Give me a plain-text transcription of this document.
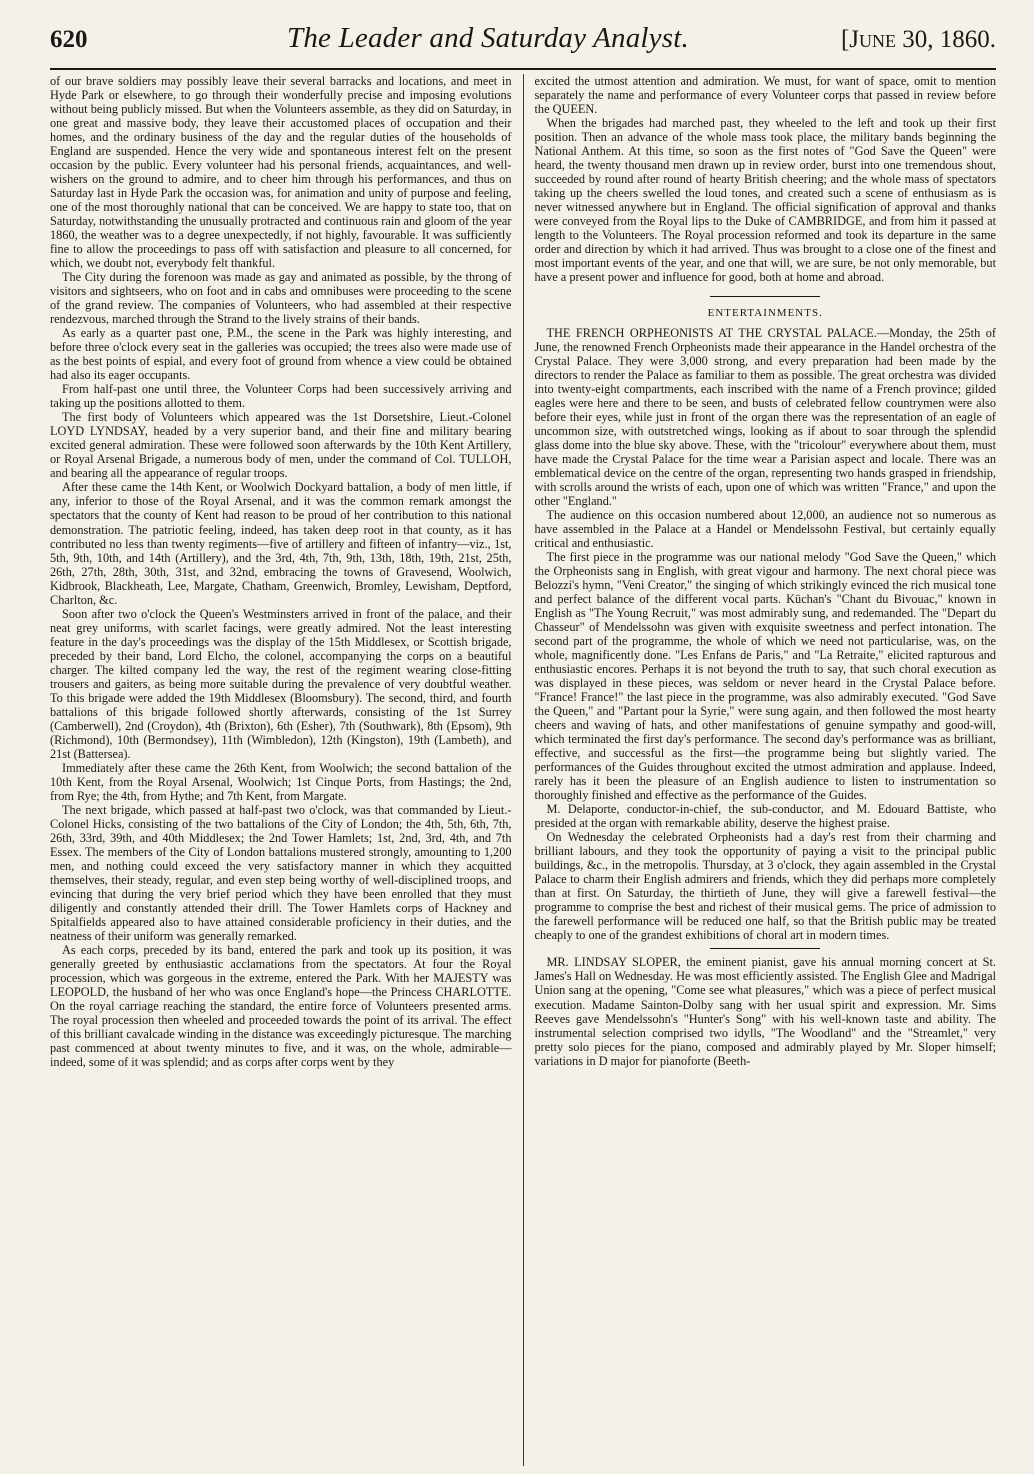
620	The Leader and Saturday Analyst.	[June 30, 1860.

of our brave soldiers may possibly leave their several barracks and locations, and meet in Hyde Park or elsewhere, to go through their wonderfully precise and imposing evolutions without being publicly missed. But when the Volunteers assemble, as they did on Saturday, in one great and massive body, they leave their accustomed places of occupation and their homes, and the ordinary business of the day and the regular duties of the households of England are suspended. Hence the very wide and spontaneous interest felt on the present occasion by the public. Every volunteer had his personal friends, acquaintances, and well-wishers on the ground to admire, and to cheer him through his performances, and thus on Saturday last in Hyde Park the occasion was, for animation and unity of purpose and feeling, one of the most thoroughly national that can be conceived. We are happy to state too, that on Saturday, notwithstanding the unusually protracted and continuous rain and gloom of the year 1860, the weather was to a degree unexpectedly, if not highly, favourable. It was sufficiently fine to allow the proceedings to pass off with satisfaction and pleasure to all concerned, for which, we doubt not, everybody felt thankful.

The City during the forenoon was made as gay and animated as possible, by the throng of visitors and sightseers, who on foot and in cabs and omnibuses were proceeding to the scene of the grand review. The companies of Volunteers, who had assembled at their respective rendezvous, marched through the Strand to the lively strains of their bands.

As early as a quarter past one, P.M., the scene in the Park was highly interesting, and before three o'clock every seat in the galleries was occupied; the trees also were made use of as the best points of espial, and every foot of ground from whence a view could be obtained had also its eager occupants.

From half-past one until three, the Volunteer Corps had been successively arriving and taking up the positions allotted to them.

The first body of Volunteers which appeared was the 1st Dorsetshire, Lieut.-Colonel LOYD LYNDSAY, headed by a very superior band, and their fine and military bearing excited general admiration. These were followed soon afterwards by the 10th Kent Artillery, or Royal Arsenal Brigade, a numerous body of men, under the command of Col. TULLOH, and bearing all the appearance of regular troops.

After these came the 14th Kent, or Woolwich Dockyard battalion, a body of men little, if any, inferior to those of the Royal Arsenal, and it was the common remark amongst the spectators that the county of Kent had reason to be proud of her contribution to this national demonstration. The patriotic feeling, indeed, has taken deep root in that county, as it has contributed no less than twenty regiments—five of artillery and fifteen of infantry—viz., 1st, 5th, 9th, 10th, and 14th (Artillery), and the 3rd, 4th, 7th, 9th, 13th, 18th, 19th, 21st, 25th, 26th, 27th, 28th, 30th, 31st, and 32nd, embracing the towns of Gravesend, Woolwich, Kidbrook, Blackheath, Lee, Margate, Chatham, Greenwich, Bromley, Lewisham, Deptford, Charlton, &c.

Soon after two o'clock the Queen's Westminsters arrived in front of the palace, and their neat grey uniforms, with scarlet facings, were greatly admired. Not the least interesting feature in the day's proceedings was the display of the 15th Middlesex, or Scottish brigade, preceded by their band, Lord Elcho, the colonel, accompanying the corps on a beautiful charger. The kilted company led the way, the rest of the regiment wearing close-fitting trousers and gaiters, as being more suitable during the prevalence of very doubtful weather. To this brigade were added the 19th Middlesex (Bloomsbury). The second, third, and fourth battalions of this brigade followed shortly afterwards, consisting of the 1st Surrey (Camberwell), 2nd (Croydon), 4th (Brixton), 6th (Esher), 7th (Southwark), 8th (Epsom), 9th (Richmond), 10th (Bermondsey), 11th (Wimbledon), 12th (Kingston), 19th (Lambeth), and 21st (Battersea).

Immediately after these came the 26th Kent, from Woolwich; the second battalion of the 10th Kent, from the Royal Arsenal, Woolwich; 1st Cinque Ports, from Hastings; the 2nd, from Rye; the 4th, from Hythe; and 7th Kent, from Margate.

The next brigade, which passed at half-past two o'clock, was that commanded by Lieut.-Colonel Hicks, consisting of the two battalions of the City of London; the 4th, 5th, 6th, 7th, 26th, 33rd, 39th, and 40th Middlesex; the 2nd Tower Hamlets; 1st, 2nd, 3rd, 4th, and 7th Essex. The members of the City of London battalions mustered strongly, amounting to 1,200 men, and nothing could exceed the very satisfactory manner in which they acquitted themselves, their steady, regular, and even step being worthy of well-disciplined troops, and evincing that during the very brief period which they have been enrolled that they must diligently and constantly attended their drill. The Tower Hamlets corps of Hackney and Spitalfields appeared also to have attained considerable proficiency in their duties, and the neatness of their uniform was generally remarked.

As each corps, preceded by its band, entered the park and took up its position, it was generally greeted by enthusiastic acclamations from the spectators. At four the Royal procession, which was gorgeous in the extreme, entered the Park. With her MAJESTY was LEOPOLD, the husband of her who was once England's hope—the Princess CHARLOTTE. On the royal carriage reaching the standard, the entire force of Volunteers presented arms. The royal procession then wheeled and proceeded towards the point of its arrival. The effect of this brilliant cavalcade winding in the distance was exceedingly picturesque. The marching past commenced at about twenty minutes to five, and it was, on the whole, admirable—indeed, some of it was splendid; and as corps after corps went by they

excited the utmost attention and admiration. We must, for want of space, omit to mention separately the name and performance of every Volunteer corps that passed in review before the QUEEN.

When the brigades had marched past, they wheeled to the left and took up their first position. Then an advance of the whole mass took place, the military bands beginning the National Anthem. At this time, so soon as the first notes of "God Save the Queen" were heard, the twenty thousand men drawn up in review order, burst into one tremendous shout, succeeded by round after round of hearty British cheering; and the whole mass of spectators taking up the cheers swelled the loud tones, and created such a scene of enthusiasm as is never witnessed anywhere but in England. The official signification of approval and thanks were conveyed from the Royal lips to the Duke of CAMBRIDGE, and from him it passed at length to the Volunteers. The Royal procession reformed and took its departure in the same order and direction by which it had arrived. Thus was brought to a close one of the finest and most important events of the year, and one that will, we are sure, be not only memorable, but have a present power and influence for good, both at home and abroad.

ENTERTAINMENTS.

THE FRENCH ORPHEONISTS AT THE CRYSTAL PALACE.—Monday, the 25th of June, the renowned French Orpheonists made their appearance in the Handel orchestra of the Crystal Palace. They were 3,000 strong, and every preparation had been made by the directors to render the Palace as familiar to them as possible. The great orchestra was divided into twenty-eight compartments, each inscribed with the name of a French province; gilded eagles were here and there to be seen, and busts of celebrated fellow countrymen were also before their eyes, while just in front of the organ there was the representation of an eagle of uncommon size, with outstretched wings, looking as if about to soar through the splendid glass dome into the blue sky above. These, with the "tricolour" everywhere about them, must have made the Crystal Palace for the time wear a Parisian aspect and locale. There was an emblematical device on the centre of the organ, representing two hands grasped in friendship, with scrolls around the wrists of each, upon one of which was written "France," and upon the other "England."

The audience on this occasion numbered about 12,000, an audience not so numerous as have assembled in the Palace at a Handel or Mendelssohn Festival, but certainly equally critical and enthusiastic.

The first piece in the programme was our national melody "God Save the Queen," which the Orpheonists sang in English, with great vigour and harmony. The next choral piece was Belozzi's hymn, "Veni Creator," the singing of which strikingly evinced the rich musical tone and perfect balance of the different vocal parts. Küchan's "Chant du Bivouac," known in English as "The Young Recruit," was most admirably sung, and redemanded. The "Depart du Chasseur" of Mendelssohn was given with exquisite sweetness and perfect intonation. The second part of the programme, the whole of which we need not particularise, was, on the whole, magnificently done. "Les Enfans de Paris," and "La Retraite," elicited rapturous and enthusiastic encores. Perhaps it is not beyond the truth to say, that such choral execution as was displayed in these pieces, was seldom or never heard in the Crystal Palace before. "France! France!" the last piece in the programme, was also admirably executed. "God Save the Queen," and "Partant pour la Syrie," were sung again, and then followed the most hearty cheers and waving of hats, and other manifestations of genuine sympathy and good-will, which terminated the first day's performance. The second day's performance was as brilliant, effective, and successful as the first—the programme being but slightly varied. The performances of the Guides throughout excited the utmost admiration and applause. Indeed, rarely has it been the pleasure of an English audience to listen to instrumentation so thoroughly finished and effective as the performance of the Guides.

M. Delaporte, conductor-in-chief, the sub-conductor, and M. Edouard Battiste, who presided at the organ with remarkable ability, deserve the highest praise.

On Wednesday the celebrated Orpheonists had a day's rest from their charming and brilliant labours, and they took the opportunity of paying a visit to the principal public buildings, &c., in the metropolis. Thursday, at 3 o'clock, they again assembled in the Crystal Palace to charm their English admirers and friends, which they did perhaps more completely than at first. On Saturday, the thirtieth of June, they will give a farewell festival—the programme to comprise the best and richest of their musical gems. The price of admission to the farewell performance will be reduced one half, so that the British public may be treated cheaply to one of the grandest exhibitions of choral art in modern times.

MR. LINDSAY SLOPER, the eminent pianist, gave his annual morning concert at St. James's Hall on Wednesday. He was most efficiently assisted. The English Glee and Madrigal Union sang at the opening, "Come see what pleasures," which was a piece of perfect musical execution. Madame Sainton-Dolby sang with her usual spirit and expression. Mr. Sims Reeves gave Mendelssohn's "Hunter's Song" with his well-known taste and ability. The instrumental selection comprised two idylls, "The Woodland" and the "Streamlet," very pretty solo pieces for the piano, composed and admirably played by Mr. Sloper himself; variations in D major for pianoforte (Beeth-
